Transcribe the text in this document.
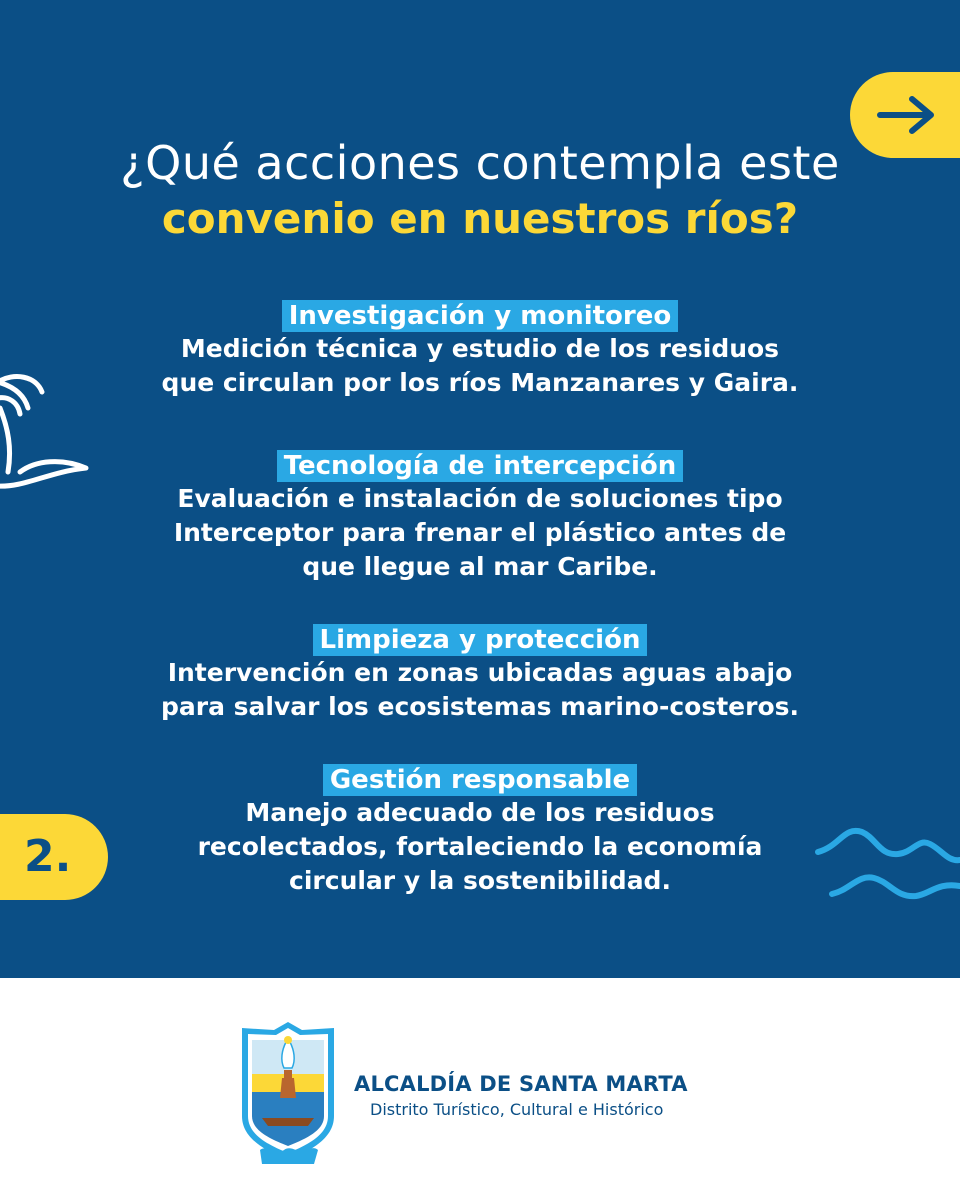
¿Qué acciones contempla este
convenio en nuestros ríos?
Investigación y monitoreo

Medición técnica y estudio de los residuos
que circulan por los ríos Manzanares y Gaira.

Tecnología de intercepción

Evaluación e instalación de soluciones tipo
Interceptor para frenar el plástico antes de
que llegue al mar Caribe.

Limpieza y protección

Intervención en zonas ubicadas aguas abajo
para salvar los ecosistemas marino-costeros.

Gestión responsable

Manejo adecuado de los residuos
recolectados, fortaleciendo la economía
circular y la sostenibilidad.

2.
ALCALDÍA DE SANTA MARTA
Distrito Turístico, Cultural e Histórico
